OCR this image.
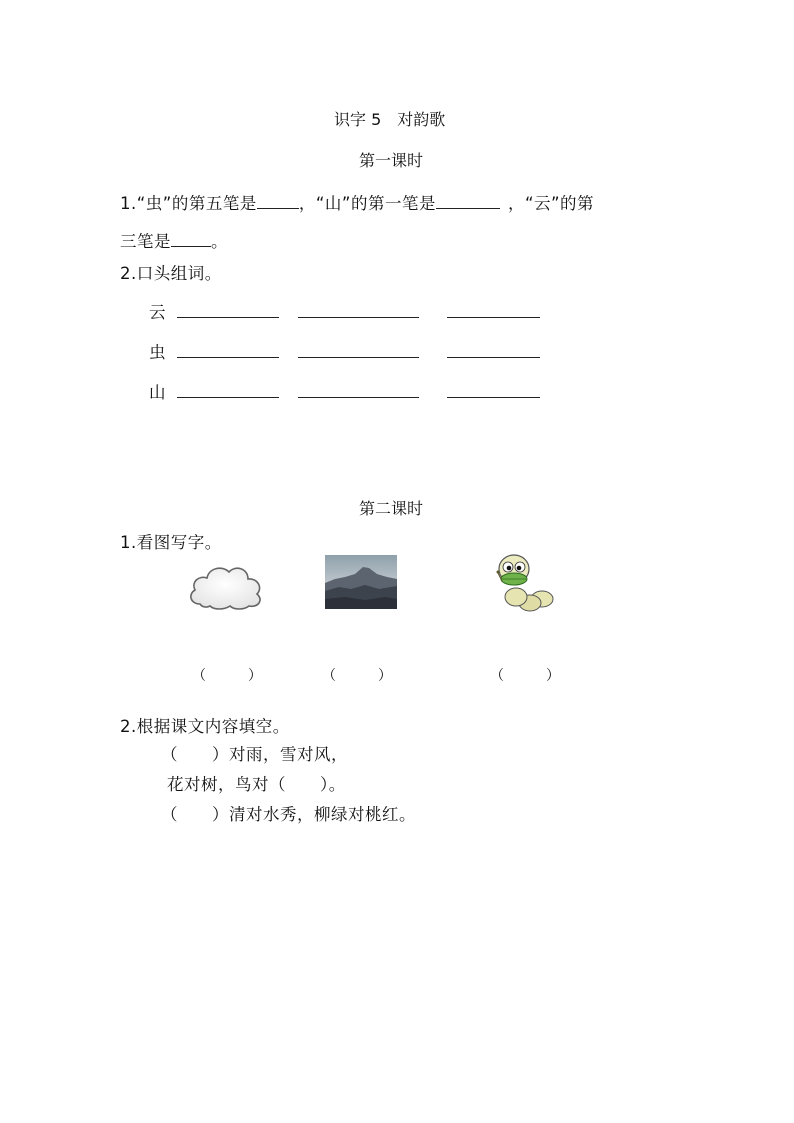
识字 5　对韵歌
第一课时
1.“虫”的第五笔是	，“山”的第一笔是	，“云”的第
三笔是 。
2.口头组词。
云
虫
山
第二课时
1.看图写字。
（　　　）	（　　　）	（　　　）
2.根据课文内容填空。
（　　）对雨，雪对风，
花对树，鸟对（　　）。
（　　）清对水秀，柳绿对桃红。
